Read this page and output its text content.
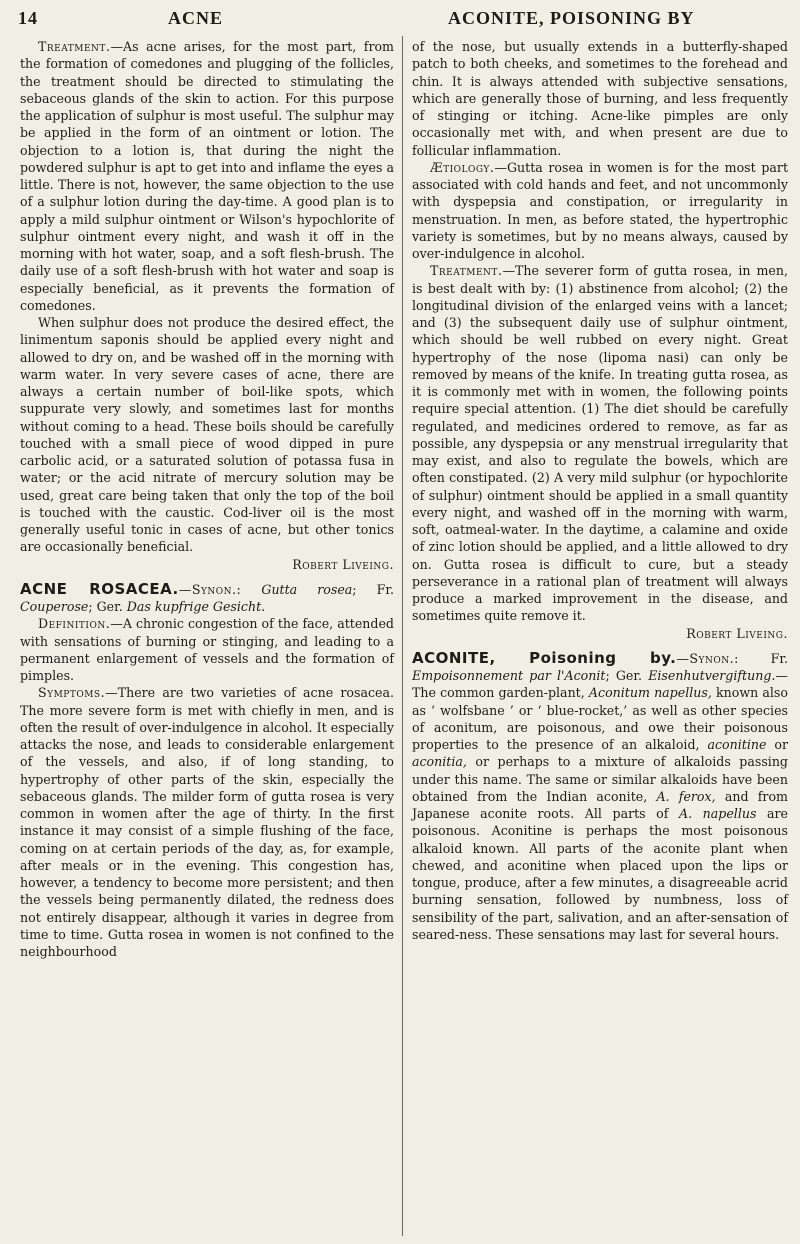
14	ACNE	ACONITE, POISONING BY

Treatment.—As acne arises, for the most part, from the formation of comedones and plugging of the follicles, the treatment should be directed to stimulating the sebaceous glands of the skin to action. For this purpose the application of sulphur is most useful. The sulphur may be applied in the form of an ointment or lotion. The objection to a lotion is, that during the night the powdered sulphur is apt to get into and inflame the eyes a little. There is not, however, the same objection to the use of a sulphur lotion during the day-time. A good plan is to apply a mild sulphur ointment or Wilson's hypochlorite of sulphur ointment every night, and wash it off in the morning with hot water, soap, and a soft flesh-brush. The daily use of a soft flesh-brush with hot water and soap is especially beneficial, as it prevents the formation of comedones.

When sulphur does not produce the desired effect, the linimentum saponis should be applied every night and allowed to dry on, and be washed off in the morning with warm water. In very severe cases of acne, there are always a certain number of boil-like spots, which suppurate very slowly, and sometimes last for months without coming to a head. These boils should be carefully touched with a small piece of wood dipped in pure carbolic acid, or a saturated solution of potassa fusa in water; or the acid nitrate of mercury solution may be used, great care being taken that only the top of the boil is touched with the caustic. Cod-liver oil is the most generally useful tonic in cases of acne, but other tonics are occasionally beneficial.

Robert Liveing.

ACNE ROSACEA.—Synon.: Gutta rosea; Fr. Couperose; Ger. Das kupfrige Gesicht.

Definition.—A chronic congestion of the face, attended with sensations of burning or stinging, and leading to a permanent enlargement of vessels and the formation of pimples.

Symptoms.—There are two varieties of acne rosacea. The more severe form is met with chiefly in men, and is often the result of over-indulgence in alcohol. It especially attacks the nose, and leads to considerable enlargement of the vessels, and also, if of long standing, to hypertrophy of other parts of the skin, especially the sebaceous glands. The milder form of gutta rosea is very common in women after the age of thirty. In the first instance it may consist of a simple flushing of the face, coming on at certain periods of the day, as, for example, after meals or in the evening. This congestion has, however, a tendency to become more persistent; and then the vessels being permanently dilated, the redness does not entirely disappear, although it varies in degree from time to time. Gutta rosea in women is not confined to the neighbourhood

of the nose, but usually extends in a butterfly-shaped patch to both cheeks, and sometimes to the forehead and chin. It is always attended with subjective sensations, which are generally those of burning, and less frequently of stinging or itching. Acne-like pimples are only occasionally met with, and when present are due to follicular inflammation.

Ætiology.—Gutta rosea in women is for the most part associated with cold hands and feet, and not uncommonly with dyspepsia and constipation, or irregularity in menstruation. In men, as before stated, the hypertrophic variety is sometimes, but by no means always, caused by over-indulgence in alcohol.

Treatment.—The severer form of gutta rosea, in men, is best dealt with by: (1) abstinence from alcohol; (2) the longitudinal division of the enlarged veins with a lancet; and (3) the subsequent daily use of sulphur ointment, which should be well rubbed on every night. Great hypertrophy of the nose (lipoma nasi) can only be removed by means of the knife. In treating gutta rosea, as it is commonly met with in women, the following points require special attention. (1) The diet should be carefully regulated, and medicines ordered to remove, as far as possible, any dyspepsia or any menstrual irregularity that may exist, and also to regulate the bowels, which are often constipated. (2) A very mild sulphur (or hypochlorite of sulphur) ointment should be applied in a small quantity every night, and washed off in the morning with warm, soft, oatmeal-water. In the daytime, a calamine and oxide of zinc lotion should be applied, and a little allowed to dry on. Gutta rosea is difficult to cure, but a steady perseverance in a rational plan of treatment will always produce a marked improvement in the disease, and sometimes quite remove it.

Robert Liveing.

ACONITE, Poisoning by.—Synon.:	Fr. Empoisonnement par l'Aconit; Ger. Eisenhutvergiftung.—The common garden-plant, Aconitum napellus, known also as ‘ wolfsbane ’ or ‘ blue-rocket,’ as well as other species of aconitum, are poisonous, and owe their poisonous properties to the presence of an alkaloid, aconitine or aconitia, or perhaps to a mixture of alkaloids passing under this name. The same or similar alkaloids have been obtained from the Indian aconite, A. ferox, and from Japanese aconite roots. All parts of A. napellus are poisonous. Aconitine is perhaps the most poisonous alkaloid known. All parts of the aconite plant when chewed, and aconitine when placed upon the lips or tongue, produce, after a few minutes, a disagreeable acrid burning sensation, followed by numbness, loss of sensibility of the part, salivation, and an after-sensation of seared-ness. These sensations may last for several hours.
